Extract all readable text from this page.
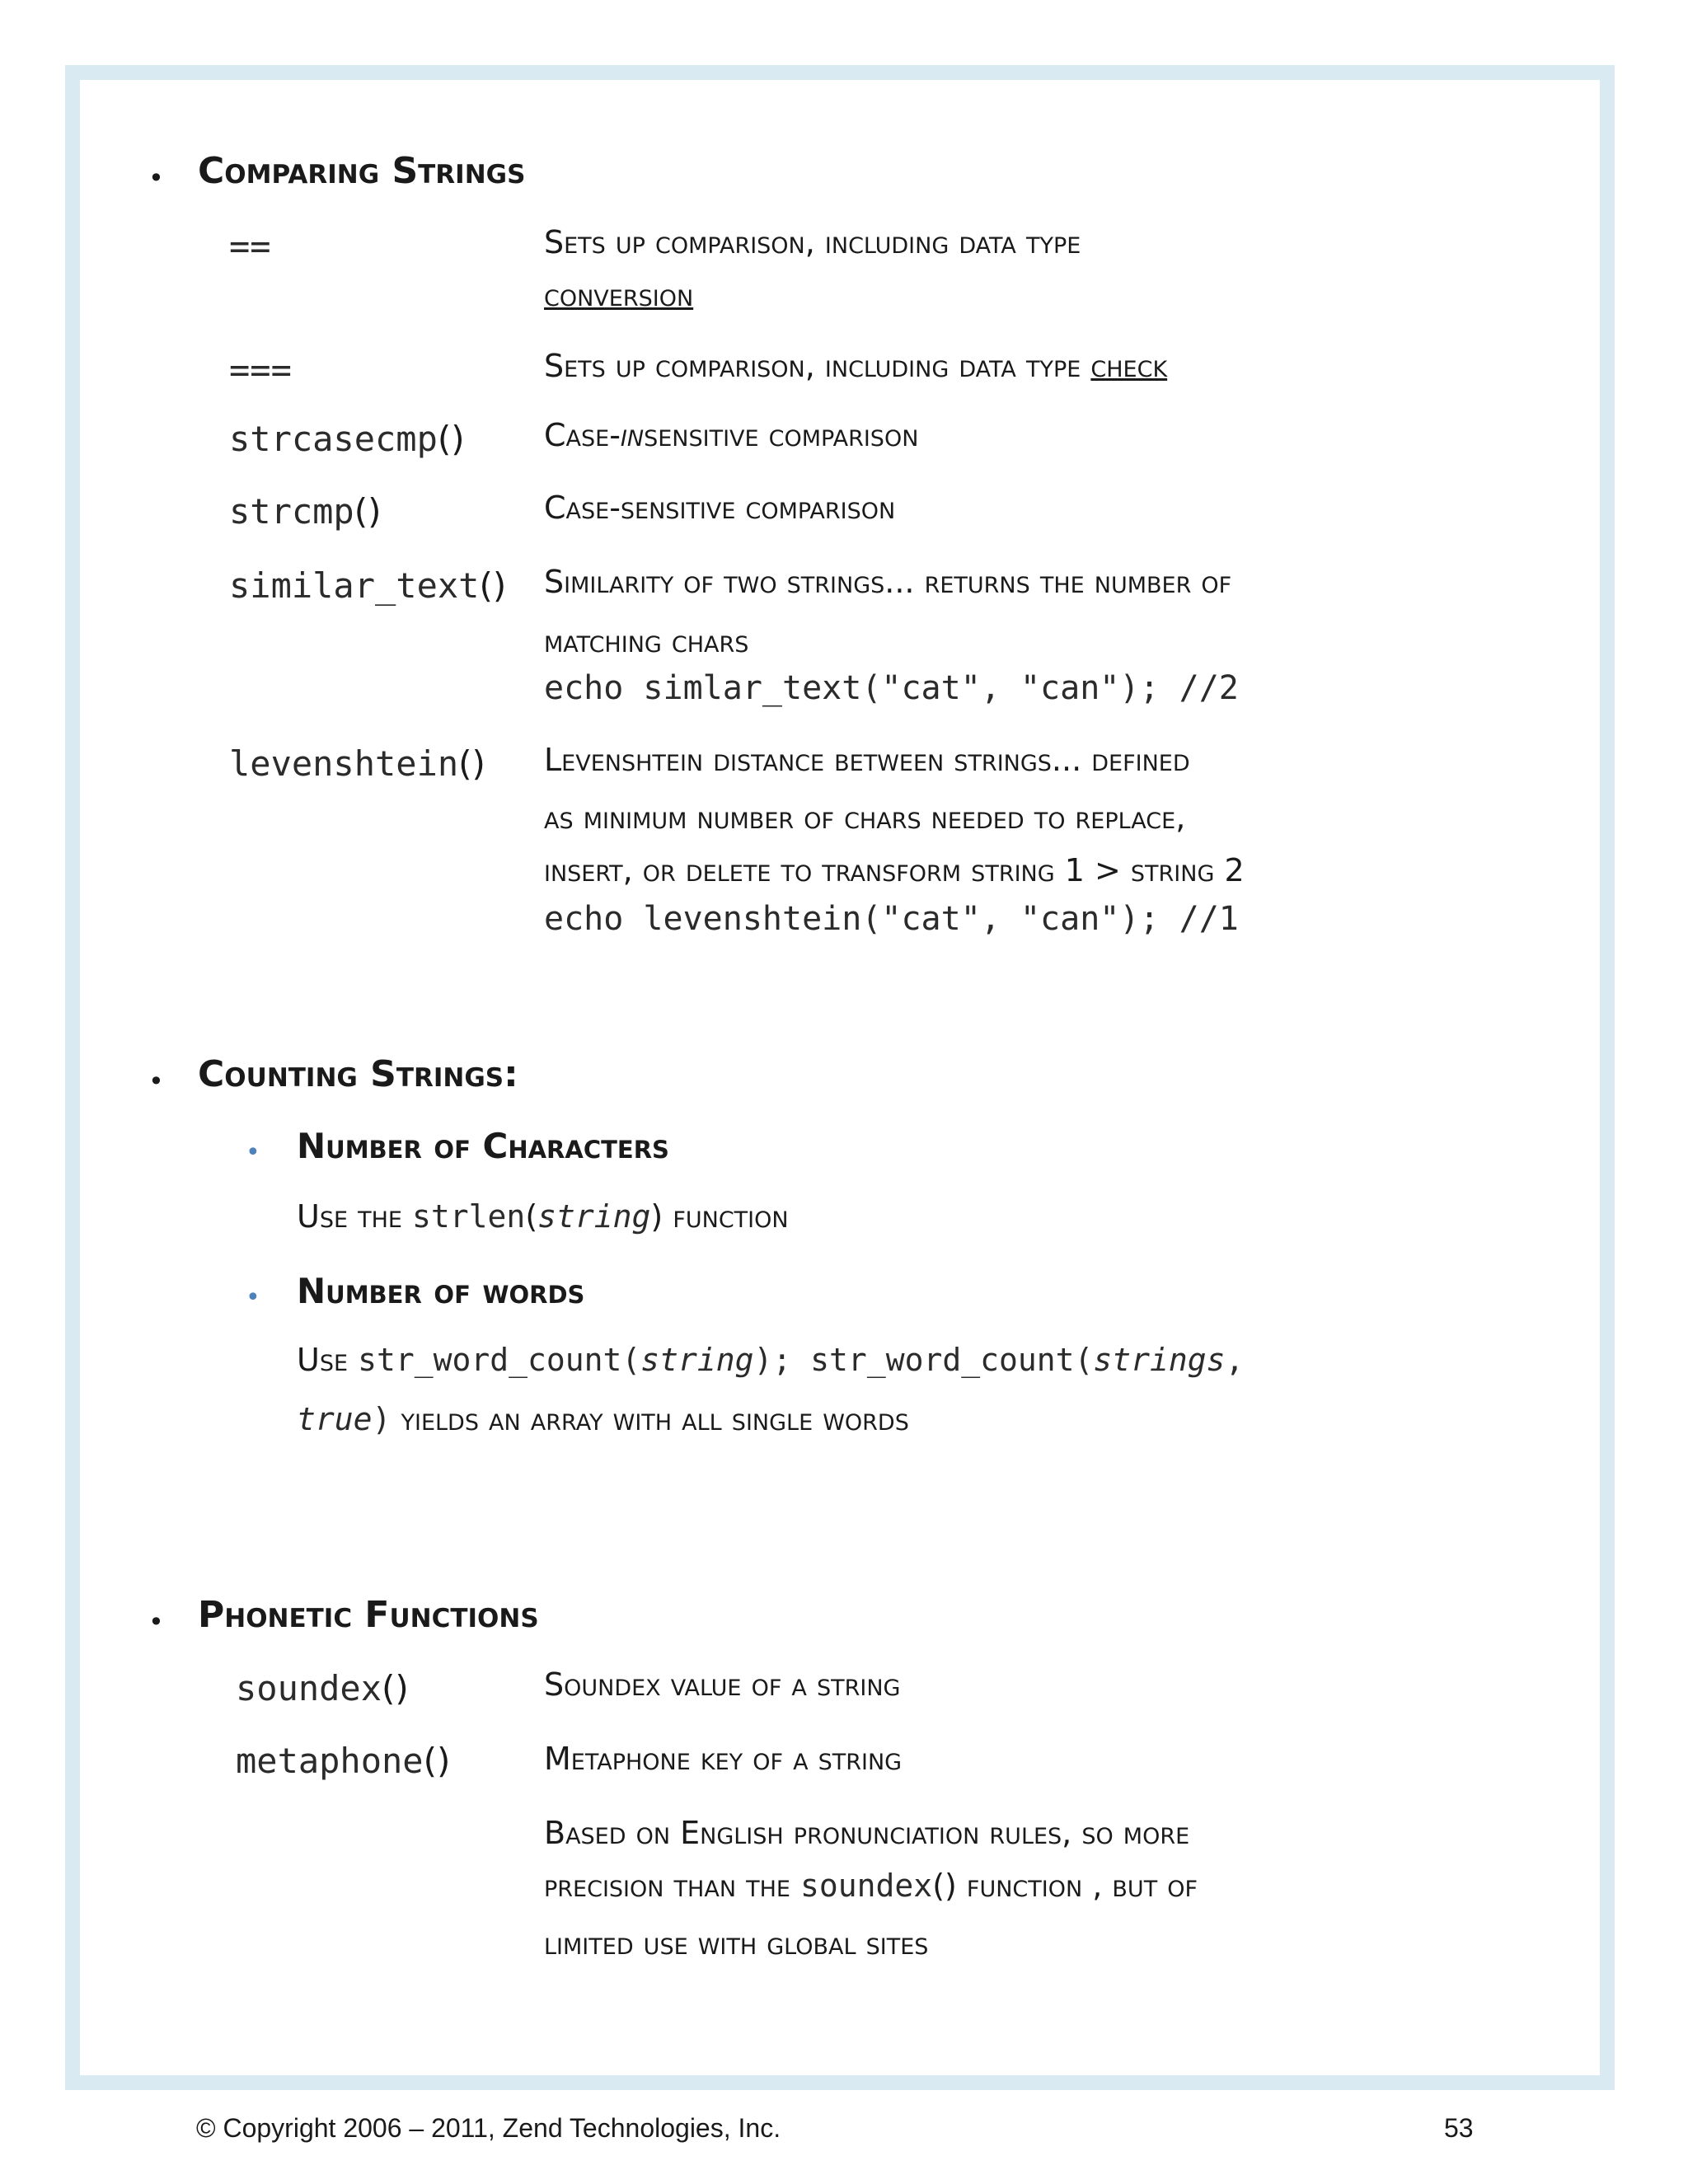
• Comparing Strings
==	Sets up comparison, including data type
conversion
===	Sets up comparison, including data type check
strcasecmp()	Case-insensitive comparison
strcmp()	Case-sensitive comparison
similar_text() Similarity of two strings... returns the number of
matching chars
echo simlar_text("cat", "can"); //2
levenshtein() Levenshtein distance between strings... defined
as minimum number of chars needed to replace,
insert, or delete to transform string 1 > string 2
echo levenshtein("cat", "can"); //1
• Counting Strings:
• Number of Characters
Use the strlen(string) function
• Number of words
Use str_word_count(string); str_word_count(strings,
true) yields an array with all single words
• Phonetic Functions
soundex()	Soundex value of a string
metaphone()	Metaphone key of a string
Based on English pronunciation rules, so more
precision than the soundex() function , but of
limited use with global sites
© Copyright 2006 – 2011, Zend Technologies, Inc.	53
